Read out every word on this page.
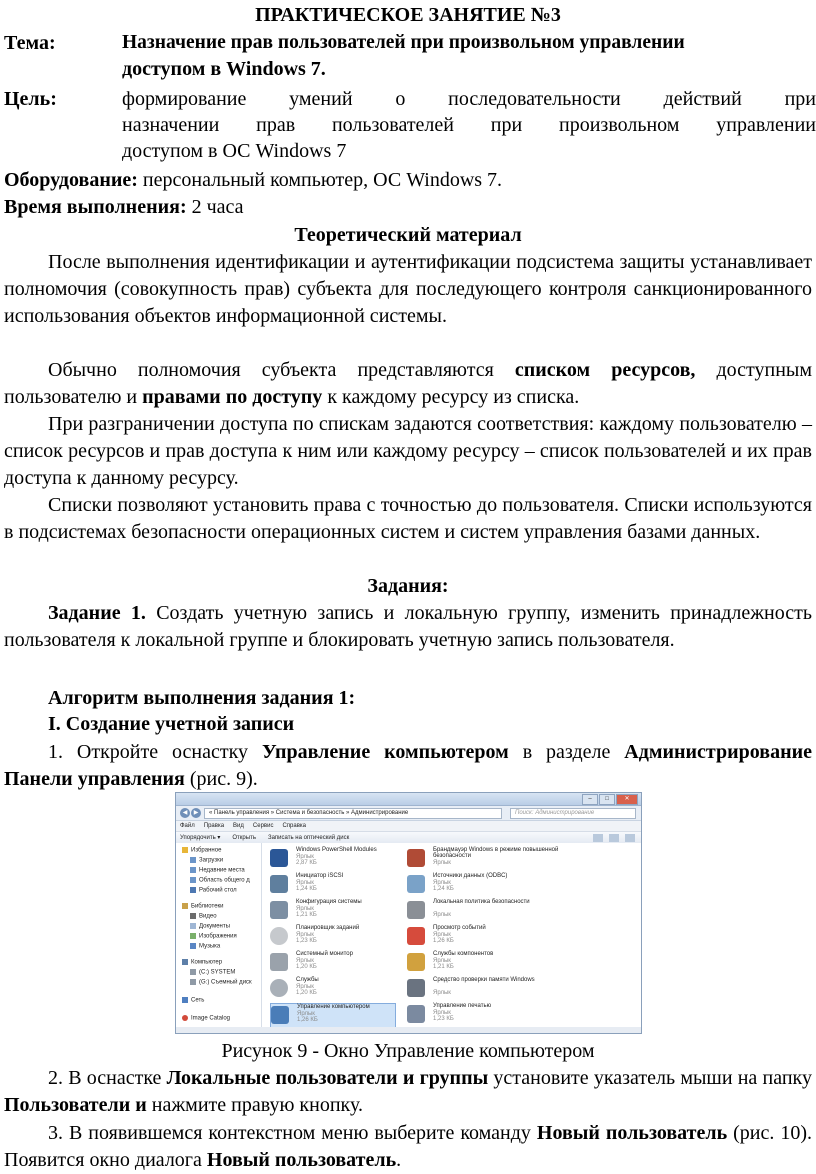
ПРАКТИЧЕСКОЕ ЗАНЯТИЕ №3
Тема:	Назначение прав пользователей при произвольном управлении
доступом в Windows 7.
Цель:	формирование умений о последовательности действий при
назначении прав пользователей при произвольном управлении
доступом в ОС Windows 7
Оборудование: персональный компьютер, ОС Windows 7.
Время выполнения: 2 часа
Теоретический материал
После выполнения идентификации и аутентификации подсистема защиты устанавливает полномочия (совокупность прав) субъекта для последующего контроля санкционированного использования объектов информационной системы.
Обычно полномочия субъекта представляются списком ресурсов, доступным пользователю и правами по доступу к каждому ресурсу из списка.
При разграничении доступа по спискам задаются соответствия: каждому пользователю – список ресурсов и прав доступа к ним или каждому ресурсу – список пользователей и их прав доступа к данному ресурсу.
Списки позволяют установить права с точностью до пользователя. Списки используются в подсистемах безопасности операционных систем и систем управления базами данных.
Задания:
Задание 1. Создать учетную запись и локальную группу, изменить принадлежность пользователя к локальной группе и блокировать учетную запись пользователя.
Алгоритм выполнения задания 1:
I. Создание учетной записи
1. Откройте оснастку Управление компьютером в разделе Администрирование Панели управления (рис. 9).
–	□	✕
◀	▶	« Панель управления » Система и безопасность » Администрирование	Поиск: Администрирование
Файл Правка Вид Сервис Справка
Упорядочить ▾ Открыть Записать на оптический диск
Избранное
Загрузки
Недавние места
Область общего д
Рабочий стол
Библиотеки
Видео
Документы
Изображения
Музыка
Компьютер
(C:) SYSTEM
(G:) Съемный диск
Сеть
Image Catalog
Windows PowerShell Modules
Ярлык
2,87 КБ
Брандмауэр Windows в режиме повышенной безопасности
Ярлык
Инициатор iSCSI
Ярлык
1,24 КБ
Источники данных (ODBC)
Ярлык
1,24 КБ
Конфигурация системы
Ярлык
1,21 КБ
Локальная политика безопасности
Ярлык
Планировщик заданий
Ярлык
1,23 КБ
Просмотр событий
Ярлык
1,26 КБ
Системный монитор
Ярлык
1,20 КБ
Службы компонентов
Ярлык
1,21 КБ
Службы
Ярлык
1,20 КБ
Средство проверки памяти Windows
Ярлык
Управление компьютером
Ярлык
1,26 КБ
Управление печатью
Ярлык
1,23 КБ
Рисунок 9 - Окно Управление компьютером
2. В оснастке Локальные пользователи и группы установите указатель мыши на папку Пользователи и нажмите правую кнопку.
3. В появившемся контекстном меню выберите команду Новый пользователь (рис. 10). Появится окно диалога Новый пользователь.
